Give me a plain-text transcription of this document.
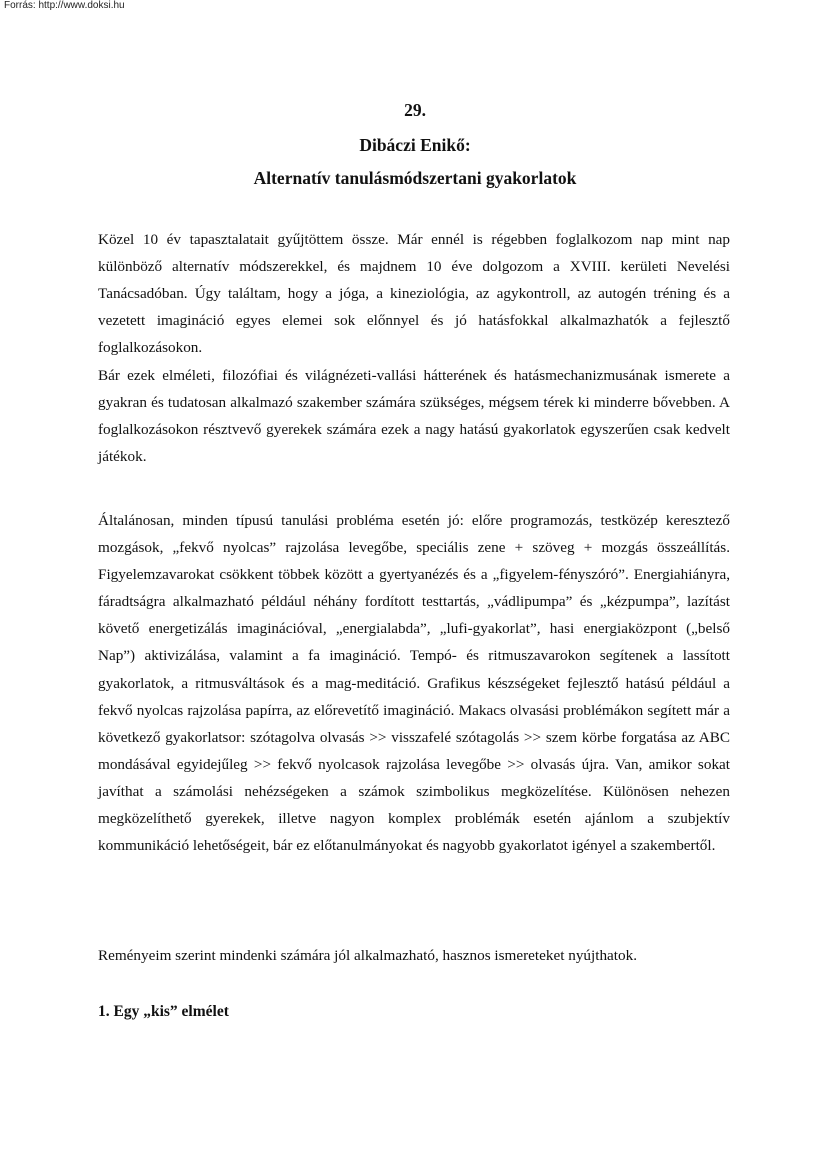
Forrás: http://www.doksi.hu
29.
Dibáczi Enikő:
Alternatív tanulásmódszertani gyakorlatok

Közel 10 év tapasztalatait gyűjtöttem össze. Már ennél is régebben foglalkozom nap mint nap különböző alternatív módszerekkel, és majdnem 10 éve dolgozom a XVIII. kerületi Nevelési Tanácsadóban. Úgy találtam, hogy a jóga, a kineziológia, az agykontroll, az autogén tréning és a vezetett imagináció egyes elemei sok előnnyel és jó hatásfokkal alkalmazhatók a fejlesztő foglalkozásokon.

Bár ezek elméleti, filozófiai és világnézeti-vallási hátterének és hatásmechanizmusának ismerete a gyakran és tudatosan alkalmazó szakember számára szükséges, mégsem térek ki minderre bővebben. A foglalkozásokon résztvevő gyerekek számára ezek a nagy hatású gyakorlatok egyszerűen csak kedvelt játékok.

Általánosan, minden típusú tanulási probléma esetén jó: előre programozás, testközép keresztező mozgások, „fekvő nyolcas” rajzolása levegőbe, speciális zene + szöveg + mozgás összeállítás. Figyelemzavarokat csökkent többek között a gyertyanézés és a „figyelem-fényszóró”. Energiahiányra, fáradtságra alkalmazható például néhány fordított testtartás, „vádlipumpa” és „kézpumpa”, lazítást követő energetizálás imaginációval, „energialabda”, „lufi-gyakorlat”, hasi energiaközpont („belső Nap”) aktivizálása, valamint a fa imagináció. Tempó- és ritmuszavarokon segítenek a lassított gyakorlatok, a ritmusváltások és a mag-meditáció. Grafikus készségeket fejlesztő hatású például a fekvő nyolcas rajzolása papírra, az előrevetítő imagináció. Makacs olvasási problémákon segített már a következő gyakorlatsor: szótagolva olvasás >> visszafelé szótagolás >> szem körbe forgatása az ABC mondásával egyidejűleg >> fekvő nyolcasok rajzolása levegőbe >> olvasás újra. Van, amikor sokat javíthat a számolási nehézségeken a számok szimbolikus megközelítése. Különösen nehezen megközelíthető gyerekek, illetve nagyon komplex problémák esetén ajánlom a szubjektív kommunikáció lehetőségeit, bár ez előtanulmányokat és nagyobb gyakorlatot igényel a szakembertől.

Reményeim szerint mindenki számára jól alkalmazható, hasznos ismereteket nyújthatok.

1. Egy „kis” elmélet
